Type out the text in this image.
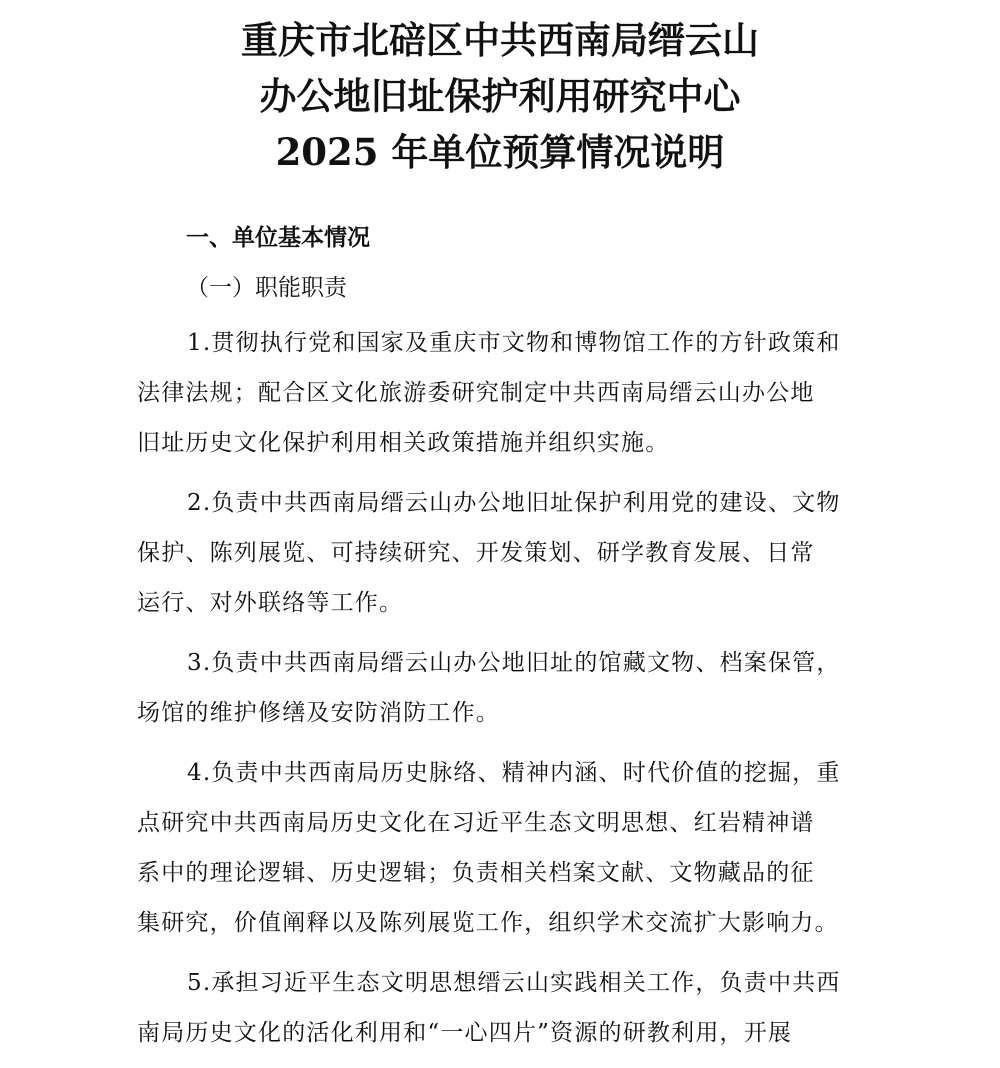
重庆市北碚区中共西南局缙云山
办公地旧址保护利用研究中心
2025 年单位预算情况说明
一、单位基本情况
（一）职能职责
1.贯彻执行党和国家及重庆市文物和博物馆工作的方针政策和
法律法规；配合区文化旅游委研究制定中共西南局缙云山办公地
旧址历史文化保护利用相关政策措施并组织实施。
2.负责中共西南局缙云山办公地旧址保护利用党的建设、文物
保护、陈列展览、可持续研究、开发策划、研学教育发展、日常
运行、对外联络等工作。
3.负责中共西南局缙云山办公地旧址的馆藏文物、档案保管，
场馆的维护修缮及安防消防工作。
4.负责中共西南局历史脉络、精神内涵、时代价值的挖掘，重
点研究中共西南局历史文化在习近平生态文明思想、红岩精神谱
系中的理论逻辑、历史逻辑；负责相关档案文献、文物藏品的征
集研究，价值阐释以及陈列展览工作，组织学术交流扩大影响力。
5.承担习近平生态文明思想缙云山实践相关工作，负责中共西
南局历史文化的活化利用和“一心四片”资源的研教利用，开展
